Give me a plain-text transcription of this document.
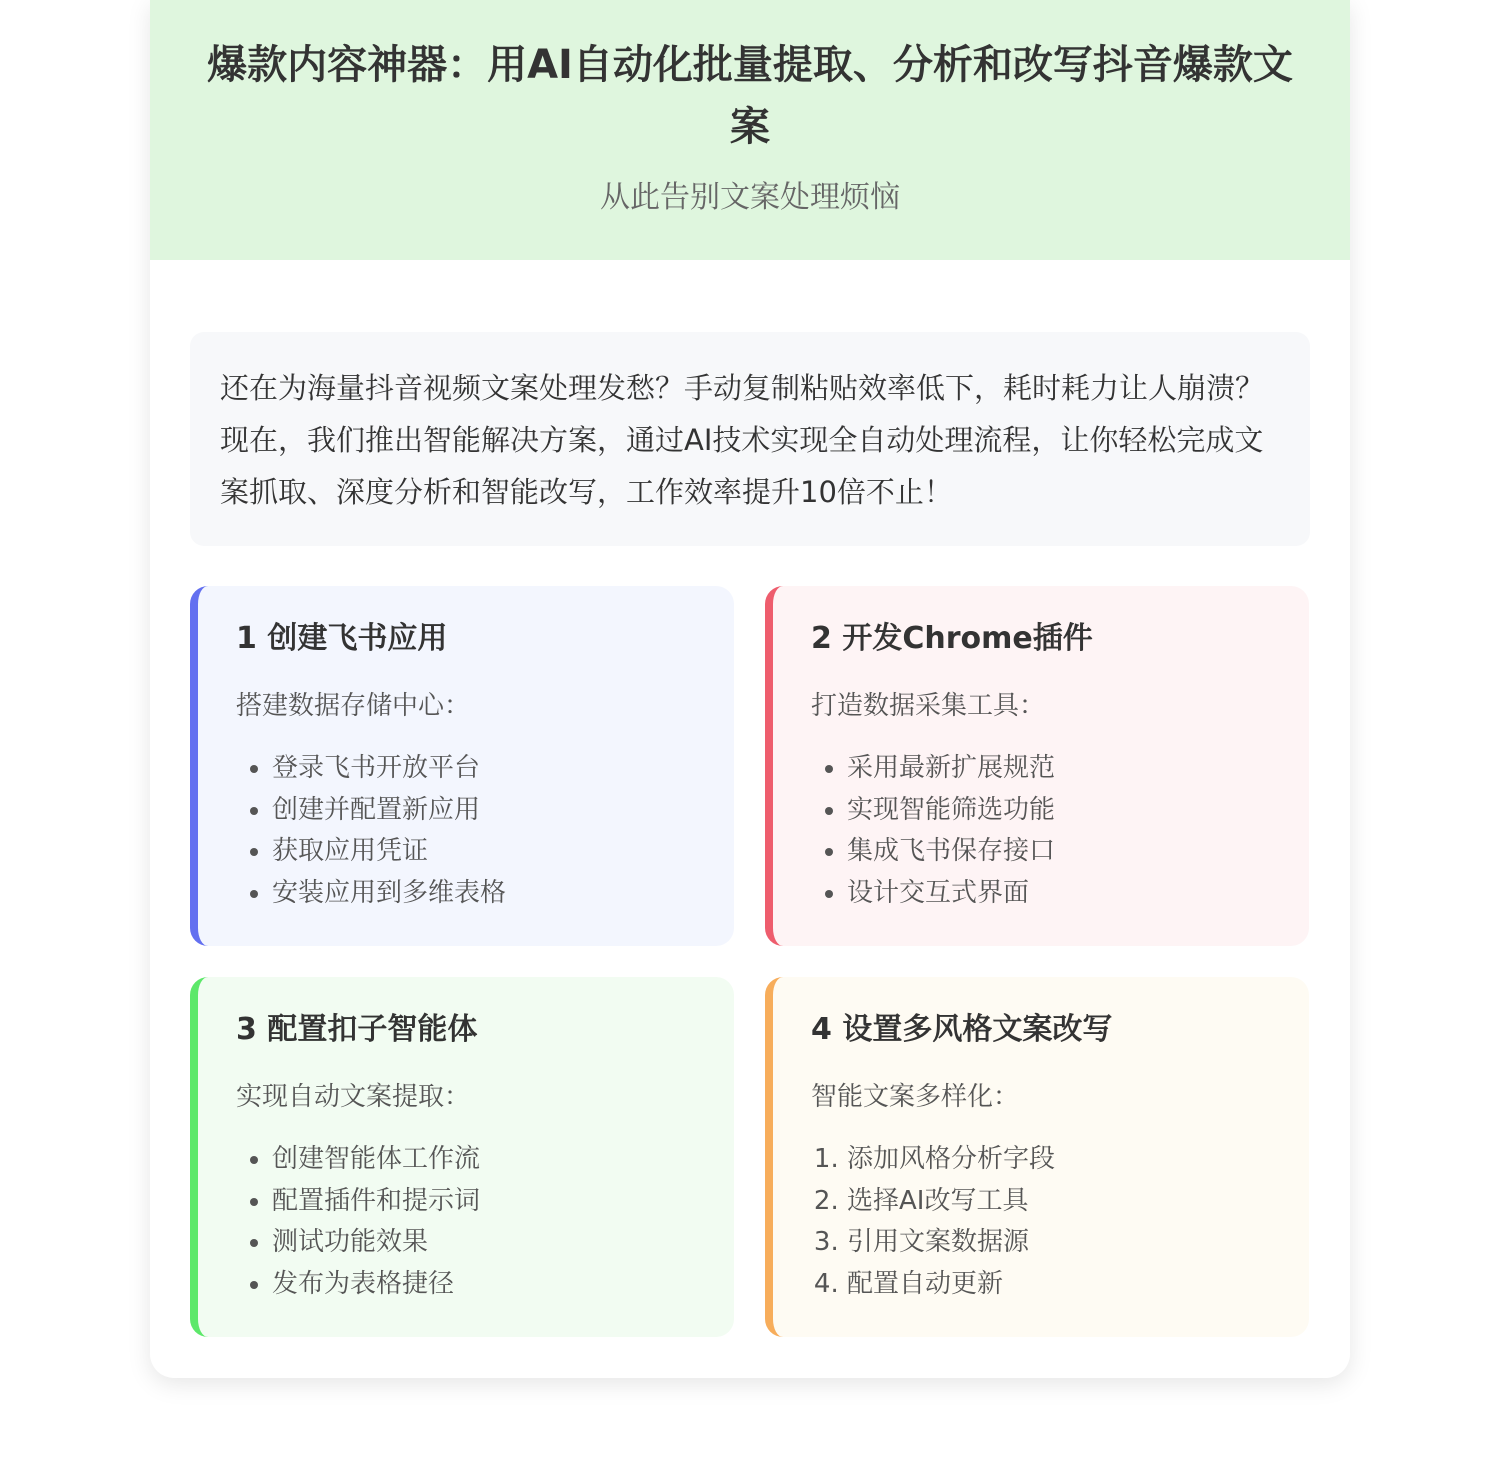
爆款内容神器：用AI自动化批量提取、分析和改写抖音爆款文案
从此告别文案处理烦恼

还在为海量抖音视频文案处理发愁？手动复制粘贴效率低下，耗时耗力让人崩溃？现在，我们推出智能解决方案，通过AI技术实现全自动处理流程，让你轻松完成文案抓取、深度分析和智能改写，工作效率提升10倍不止！

1 创建飞书应用

搭建数据存储中心：

• 登录飞书开放平台
• 创建并配置新应用
• 获取应用凭证
• 安装应用到多维表格
2 开发Chrome插件

打造数据采集工具：

• 采用最新扩展规范
• 实现智能筛选功能
• 集成飞书保存接口
• 设计交互式界面
3 配置扣子智能体

实现自动文案提取：

• 创建智能体工作流
• 配置插件和提示词
• 测试功能效果
• 发布为表格捷径
4 设置多风格文案改写

智能文案多样化：

1. 添加风格分析字段
2. 选择AI改写工具
3. 引用文案数据源
4. 配置自动更新
